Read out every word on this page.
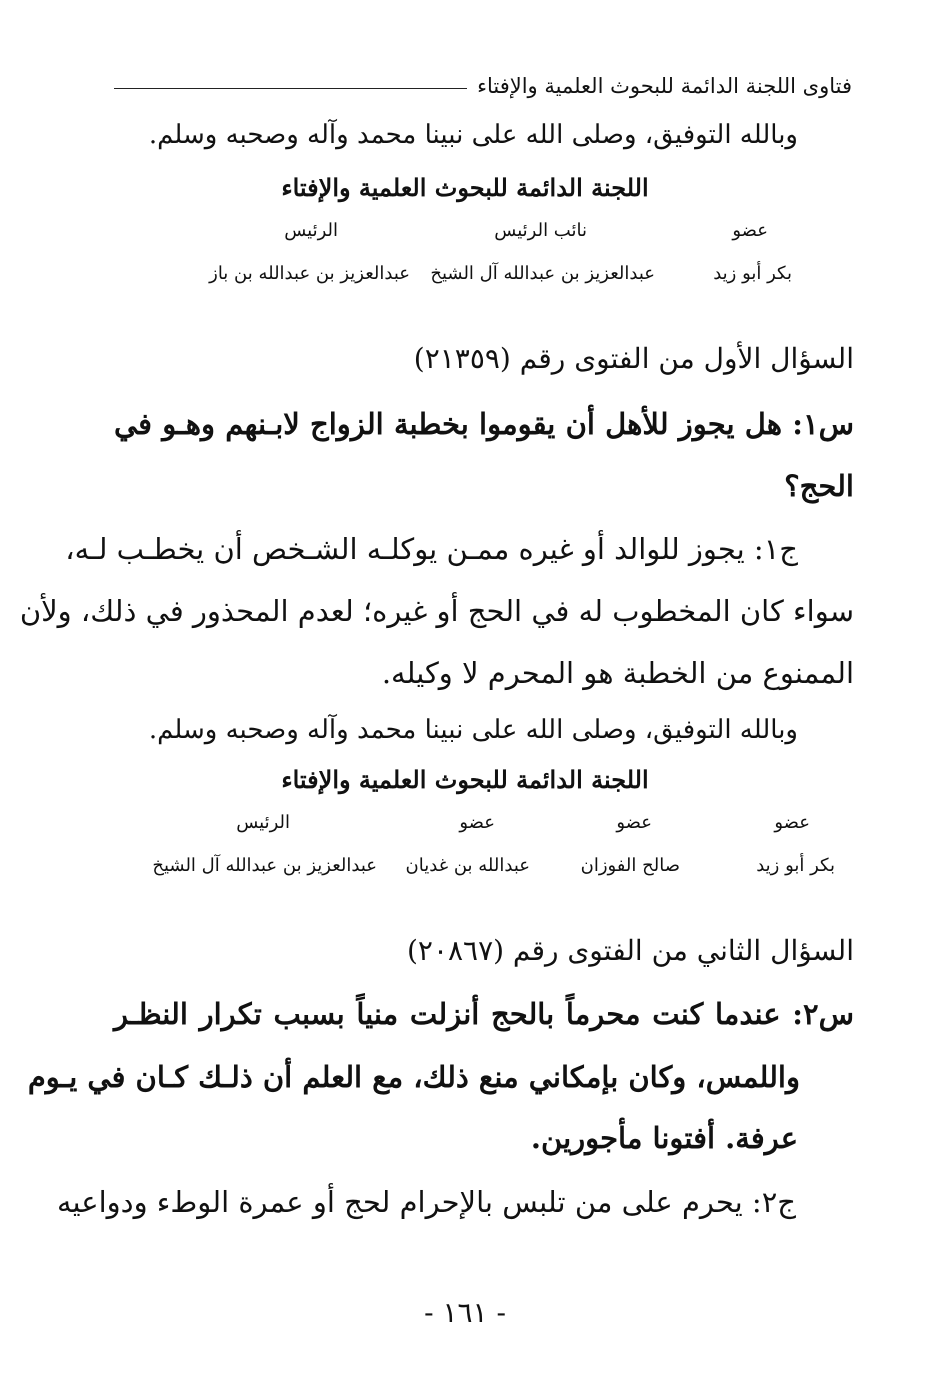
فتاوى اللجنة الدائمة للبحوث العلمية والإفتاء
وبالله التوفيق، وصلى الله على نبينا محمد وآله وصحبه وسلم.
اللجنة الدائمة للبحوث العلمية والإفتاء
عضو
نائب الرئيس
الرئيس
بكر أبو زيد
عبدالعزيز بن عبدالله آل الشيخ
عبدالعزيز بن عبدالله بن باز
السؤال الأول من الفتوى رقم (٢١٣٥٩)
س١: هل يجوز للأهل أن يقوموا بخطبة الزواج لابـنهم وهـو في
الحج؟
ج١: يجوز للوالد أو غيره ممـن يوكلـه الشـخص أن يخطـب لـه،
سواء كان المخطوب له في الحج أو غيره؛ لعدم المحذور في ذلك، ولأن
الممنوع من الخطبة هو المحرم لا وكيله.
وبالله التوفيق، وصلى الله على نبينا محمد وآله وصحبه وسلم.
اللجنة الدائمة للبحوث العلمية والإفتاء
عضو
عضو
عضو
الرئيس
بكر أبو زيد
صالح الفوزان
عبدالله بن غديان
عبدالعزيز بن عبدالله آل الشيخ
السؤال الثاني من الفتوى رقم (٢٠٨٦٧)
س٢: عندما كنت محرماً بالحج أنزلت منياً بسبب تكرار النظـر
واللمس، وكان بإمكاني منع ذلك، مع العلم أن ذلـك كـان في يـوم
عرفة. أفتونا مأجورين.
ج٢: يحرم على من تلبس بالإحرام لحج أو عمرة الوطء ودواعيه
- ١٦١ -
